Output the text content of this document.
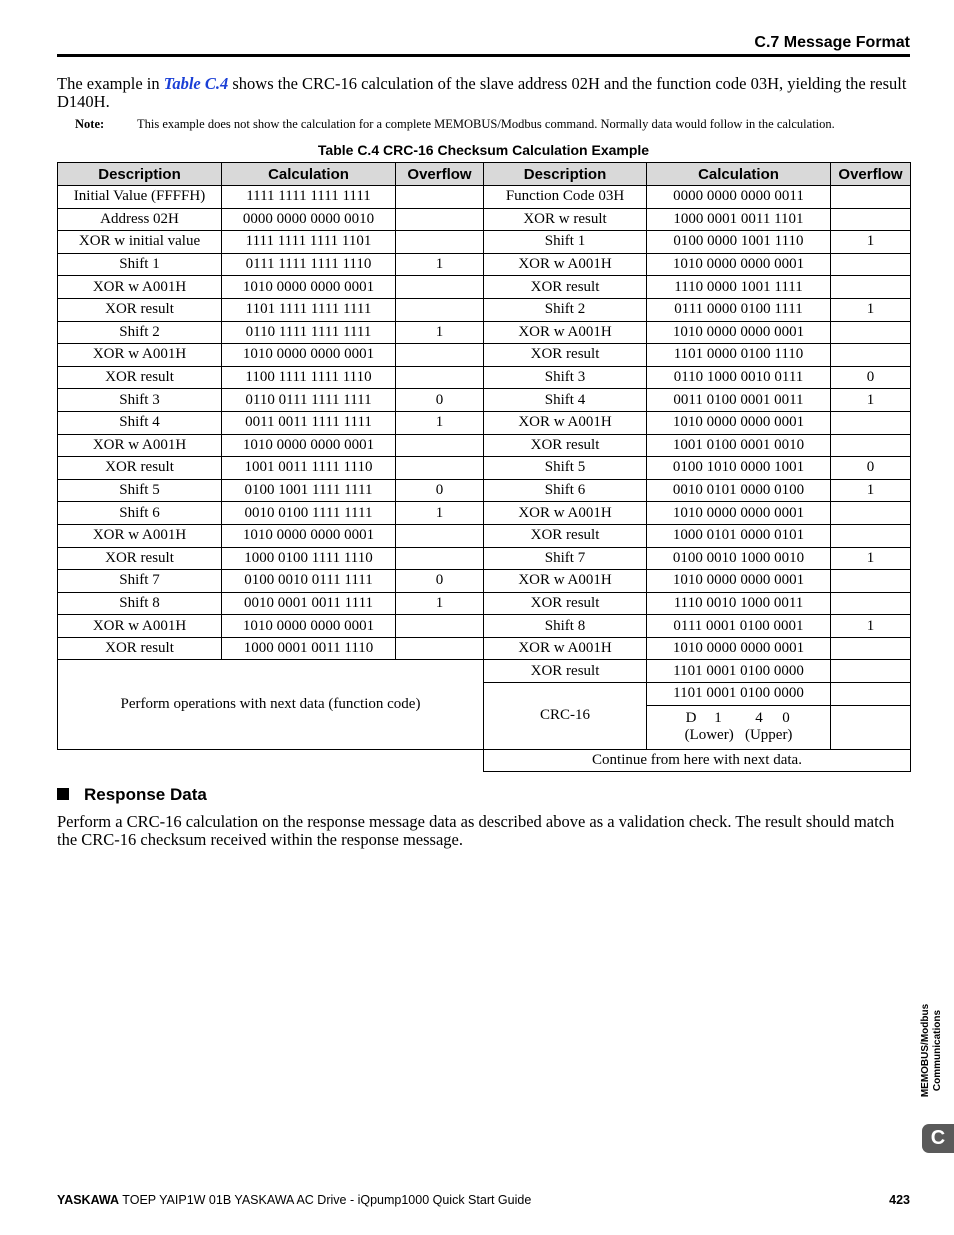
C.7 Message Format
The example in Table C.4 shows the CRC-16 calculation of the slave address 02H and the function code 03H, yielding the result D140H.
Note:	This example does not show the calculation for a complete MEMOBUS/Modbus command. Normally data would follow in the calculation.
Table C.4 CRC-16 Checksum Calculation Example
Description	Calculation	Overflow	Description	Calculation	Overflow
Initial Value (FFFFH)	1111 1111 1111 1111		Function Code 03H	0000 0000 0000 0011	
Address 02H	0000 0000 0000 0010		XOR w result	1000 0001 0011 1101	
XOR w initial value	1111 1111 1111 1101		Shift 1	0100 0000 1001 1110	1
Shift 1	0111 1111 1111 1110	1	XOR w A001H	1010 0000 0000 0001	
XOR w A001H	1010 0000 0000 0001		XOR result	1110 0000 1001 1111	
XOR result	1101 1111 1111 1111		Shift 2	0111 0000 0100 1111	1
Shift 2	0110 1111 1111 1111	1	XOR w A001H	1010 0000 0000 0001	
XOR w A001H	1010 0000 0000 0001		XOR result	1101 0000 0100 1110	
XOR result	1100 1111 1111 1110		Shift 3	0110 1000 0010 0111	0
Shift 3	0110 0111 1111 1111	0	Shift 4	0011 0100 0001 0011	1
Shift 4	0011 0011 1111 1111	1	XOR w A001H	1010 0000 0000 0001	
XOR w A001H	1010 0000 0000 0001		XOR result	1001 0100 0001 0010	
XOR result	1001 0011 1111 1110		Shift 5	0100 1010 0000 1001	0
Shift 5	0100 1001 1111 1111	0	Shift 6	0010 0101 0000 0100	1
Shift 6	0010 0100 1111 1111	1	XOR w A001H	1010 0000 0000 0001	
XOR w A001H	1010 0000 0000 0001		XOR result	1000 0101 0000 0101	
XOR result	1000 0100 1111 1110		Shift 7	0100 0010 1000 0010	1
Shift 7	0100 0010 0111 1111	0	XOR w A001H	1010 0000 0000 0001	
Shift 8	0010 0001 0011 1111	1	XOR result	1110 0010 1000 0011	
XOR w A001H	1010 0000 0000 0001		Shift 8	0111 0001 0100 0001	1
XOR result	1000 0001 0011 1110		XOR w A001H	1010 0000 0000 0001	
Perform operations with next data (function code)			XOR result	1101 0001 0100 0000	
			CRC-16	1101 0001 0100 0000	

				D 1 4 0
(Lower) (Upper)	

			Continue from here with next data.		
Response Data
Perform a CRC-16 calculation on the response message data as described above as a validation check. The result should match the CRC-16 checksum received within the response message.
MEMOBUS/Modbus Communications
C
YASKAWA TOEP YAIP1W 01B YASKAWA AC Drive - iQpump1000 Quick Start Guide	423
